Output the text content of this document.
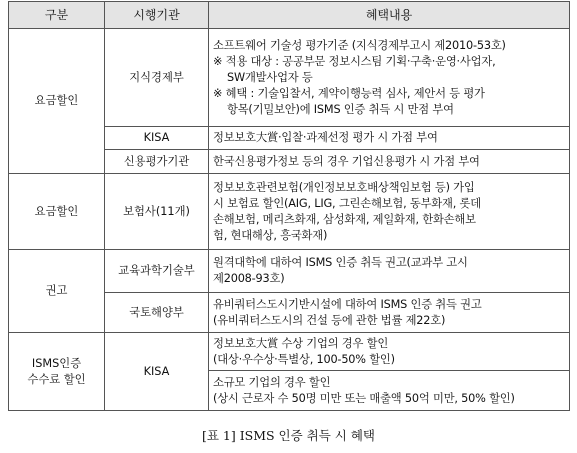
구분	시행기관	혜택내용
요금할인	지식경제부	소프트웨어 기술성 평가기준 (지식경제부고시 제2010-53호)
※ 적용 대상 : 공공부문 정보시스팀 기획·구축·운영·사업자,
SW개발사업자 등
※ 혜택 : 기술입찰서, 계약이행능력 심사, 제안서 등 평가
항목(기밀보안)에 ISMS 인증 취득 시 만점 부여

	KISA	정보보호大賞·입찰·과제선정 평가 시 가점 부여

	신용평가기관	한국신용평가정보 등의 경우 기업신용평가 시 가점 부여

요금할인	보험사(11개)	정보보호관련보험(개인정보보호배상책임보험 등) 가입
시 보험료 할인(AIG, LIG, 그린손해보험, 동부화재, 롯데
손해보험, 메리츠화재, 삼성화재, 제일화재, 한화손해보
험, 현대해상, 흥국화재)

권고	교육과학기술부	원격대학에 대하여 ISMS 인증 취득 권고(교과부 고시
제2008-93호)

	국토해양부	유비쿼터스도시기반시설에 대하여 ISMS 인증 취득 권고
(유비쿼터스도시의 건설 등에 관한 법률 제22호)

ISMS인증
수수료 할인	KISA	정보보호大賞 수상 기업의 경우 할인
(대상·우수상·특별상, 100-50% 할인)

		소규모 기업의 경우 할인
(상시 근로자 수 50명 미만 또는 매출액 50억 미만, 50% 할인)
[표 1] ISMS 인증 취득 시 혜택
